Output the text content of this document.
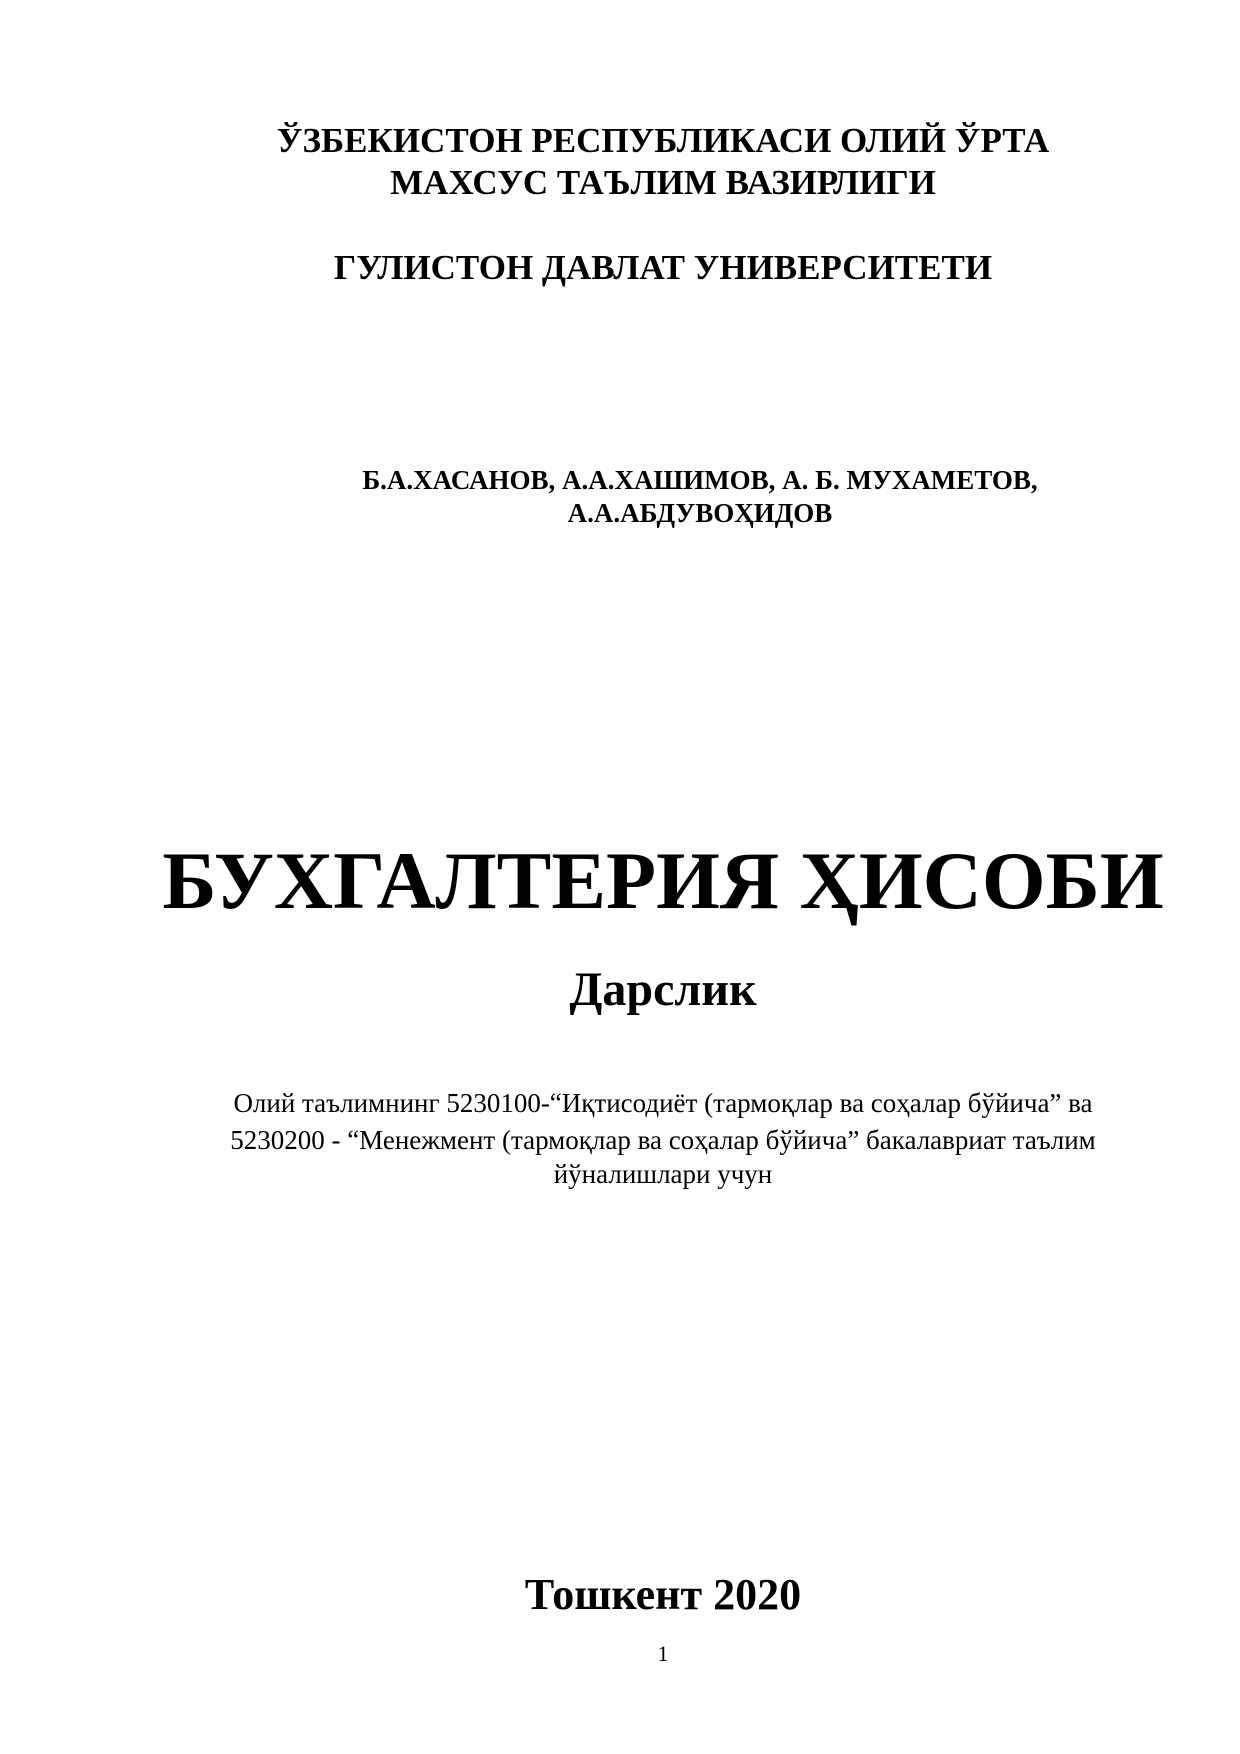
ЎЗБЕКИСТОН РЕСПУБЛИКАСИ ОЛИЙ ЎРТА
МАХСУС ТАЪЛИМ ВАЗИРЛИГИ
ГУЛИСТОН ДАВЛАТ УНИВЕРСИТЕТИ
Б.А.ХАСАНОВ, А.А.ХАШИМОВ, А. Б. МУХАМЕТОВ,
А.А.АБДУВОҲИДОВ
БУХГАЛТЕРИЯ ҲИСОБИ
Дарслик
Олий таълимнинг 5230100-“Иқтисодиёт (тармоқлар ва соҳалар бўйича” ва
5230200 - “Менежмент (тармоқлар ва соҳалар бўйича” бакалавриат таълим
йўналишлари учун
Тошкент 2020
1
